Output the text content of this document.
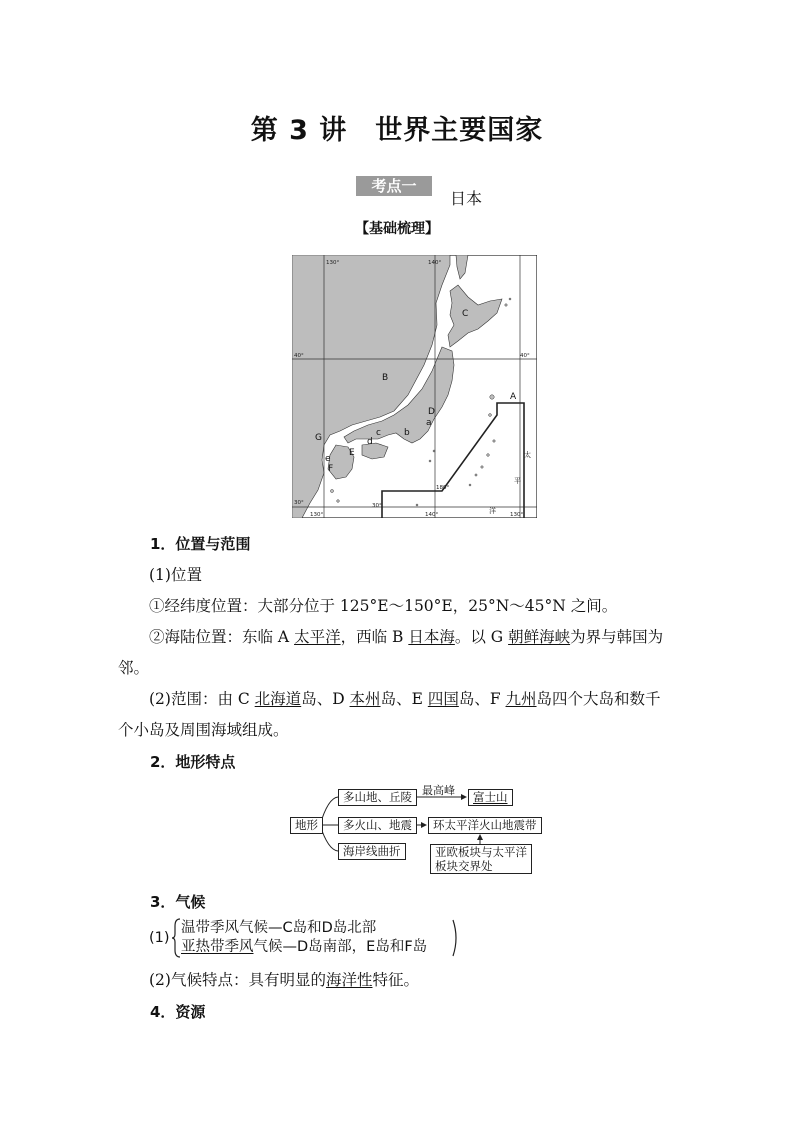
第 3 讲 世界主要国家
考点一
日本
【基础梳理】
130°	140°
130°	140°
180°
130°
40°	40°
30°	30°
A
B
C
D
E
F
G
a
b
c
d
e	太
平
洋
1．位置与范围
(1)位置
①经纬度位置：大部分位于 125°E～150°E，25°N～45°N 之间。
②海陆位置：东临 A 太平洋，西临 B 日本海。以 G 朝鲜海峡为界与韩国为
邻。
(2)范围：由 C 北海道岛、D 本州岛、E 四国岛、F 九州岛四个大岛和数千
个小岛及周围海域组成。
2．地形特点
地形
多山地、丘陵 最高峰	富士山
多火山、地震	环太平洋火山地震带
亚欧板块与太平洋
板块交界处
海岸线曲折
3．气候
(1)
温带季风气候—C岛和D岛北部
亚热带季风气候—D岛南部，E岛和F岛
(2)气候特点：具有明显的海洋性特征。
4．资源
